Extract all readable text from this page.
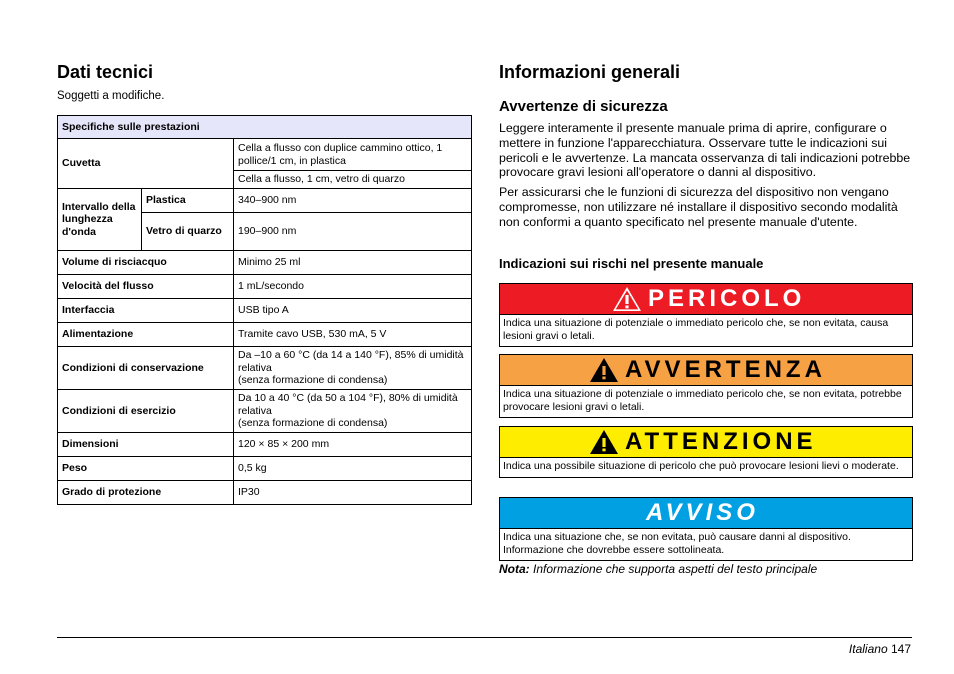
Dati tecnici

Soggetti a modifiche.

Specifiche sulle prestazioni		
Cuvetta		Cella a flusso con duplice cammino ottico, 1 pollice/1 cm, in plastica
		Cella a flusso, 1 cm, vetro di quarzo
Intervallo della lunghezza d'onda	Plastica	340–900 nm
	Vetro di quarzo	190–900 nm
Volume di risciacquo		Minimo 25 ml
Velocità del flusso		1 mL/secondo
Interfaccia		USB tipo A
Alimentazione		Tramite cavo USB, 530 mA, 5 V
Condizioni di conservazione		Da –10 a 60 °C (da 14 a 140 °F), 85% di umidità relativa
(senza formazione di condensa)
Condizioni di esercizio		Da 10 a 40 °C (da 50 a 104 °F), 80% di umidità relativa
(senza formazione di condensa)
Dimensioni		120 × 85 × 200 mm
Peso		0,5 kg
Grado di protezione		IP30
Informazioni generali
Avvertenze di sicurezza

Leggere interamente il presente manuale prima di aprire, configurare o mettere in funzione l'apparecchiatura. Osservare tutte le indicazioni sui pericoli e le avvertenze. La mancata osservanza di tali indicazioni potrebbe provocare gravi lesioni all'operatore o danni al dispositivo.

Per assicurarsi che le funzioni di sicurezza del dispositivo non vengano compromesse, non utilizzare né installare il dispositivo secondo modalità non conformi a quanto specificato nel presente manuale d'utente.

Indicazioni sui rischi nel presente manuale
PERICOLO
Indica una situazione di potenziale o immediato pericolo che, se non evitata, causa lesioni gravi o letali.
AVVERTENZA
Indica una situazione di potenziale o immediato pericolo che, se non evitata, potrebbe provocare lesioni gravi o letali.
ATTENZIONE
Indica una possibile situazione di pericolo che può provocare lesioni lievi o moderate.
AVVISO
Indica una situazione che, se non evitata, può causare danni al dispositivo. Informazione che dovrebbe essere sottolineata.

Nota: Informazione che supporta aspetti del testo principale

Italiano 147
